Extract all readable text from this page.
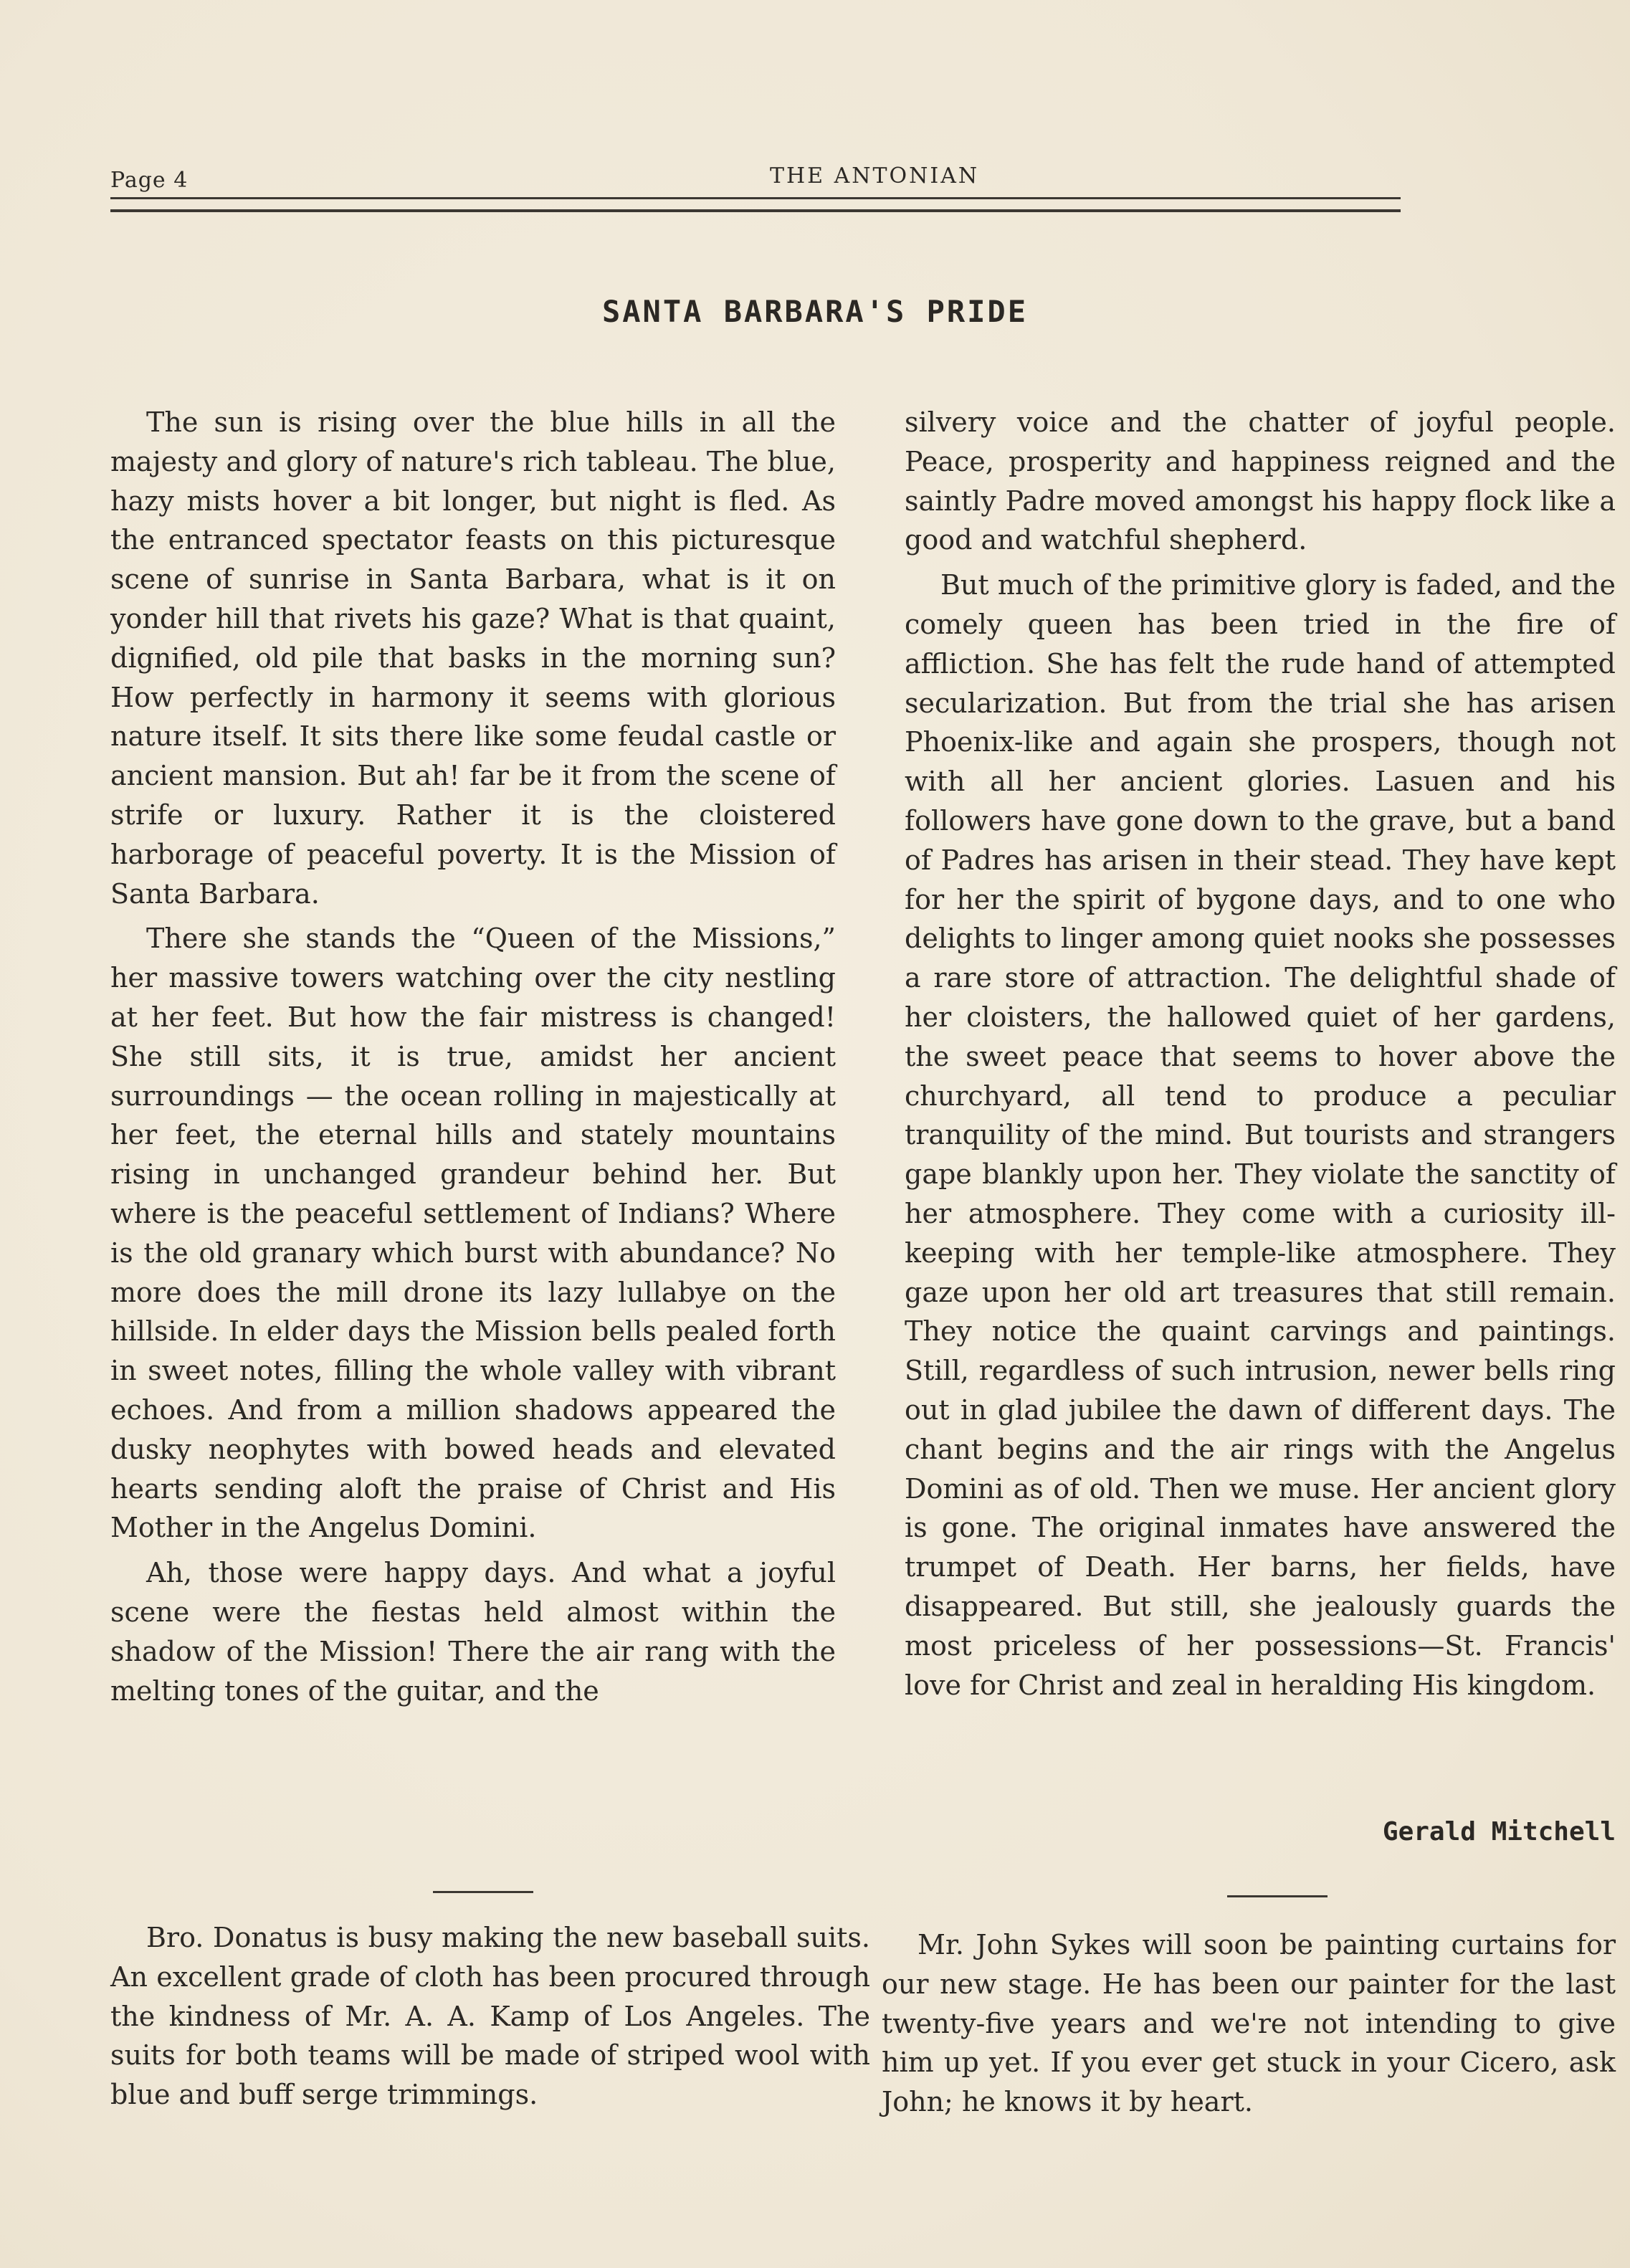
Page 4	THE ANTONIAN
SANTA BARBARA'S PRIDE

The sun is rising over the blue hills in all the majesty and glory of nature's rich tableau. The blue, hazy mists hover a bit longer, but night is fled. As the entranced spectator feasts on this picturesque scene of sunrise in Santa Barbara, what is it on yonder hill that rivets his gaze? What is that quaint, dignified, old pile that basks in the morning sun? How perfectly in harmony it seems with glorious nature itself. It sits there like some feudal castle or ancient mansion. But ah! far be it from the scene of strife or luxury. Rather it is the cloistered harborage of peaceful poverty. It is the Mission of Santa Barbara.

There she stands the “Queen of the Missions,” her massive towers watching over the city nestling at her feet. But how the fair mistress is changed! She still sits, it is true, amidst her ancient surroundings — the ocean rolling in majestically at her feet, the eternal hills and stately mountains rising in unchanged grandeur behind her. But where is the peaceful settlement of Indians? Where is the old granary which burst with abundance? No more does the mill drone its lazy lullabye on the hillside. In elder days the Mission bells pealed forth in sweet notes, filling the whole valley with vibrant echoes. And from a million shadows appeared the dusky neophytes with bowed heads and elevated hearts sending aloft the praise of Christ and His Mother in the Angelus Domini.

Ah, those were happy days. And what a joyful scene were the fiestas held almost within the shadow of the Mission! There the air rang with the melting tones of the guitar, and the

silvery voice and the chatter of joyful people. Peace, prosperity and happiness reigned and the saintly Padre moved amongst his happy flock like a good and watchful shepherd.

But much of the primitive glory is faded, and the comely queen has been tried in the fire of affliction. She has felt the rude hand of attempted secularization. But from the trial she has arisen Phoenix-like and again she prospers, though not with all her ancient glories. Lasuen and his followers have gone down to the grave, but a band of Padres has arisen in their stead. They have kept for her the spirit of bygone days, and to one who delights to linger among quiet nooks she possesses a rare store of attraction. The delightful shade of her cloisters, the hallowed quiet of her gardens, the sweet peace that seems to hover above the churchyard, all tend to produce a peculiar tranquility of the mind. But tourists and strangers gape blankly upon her. They violate the sanctity of her atmosphere. They come with a curiosity ill-keeping with her temple-like atmosphere. They gaze upon her old art treasures that still remain. They notice the quaint carvings and paintings. Still, regardless of such intrusion, newer bells ring out in glad jubilee the dawn of different days. The chant begins and the air rings with the Angelus Domini as of old. Then we muse. Her ancient glory is gone. The original inmates have answered the trumpet of Death. Her barns, her fields, have disappeared. But still, she jealously guards the most priceless of her possessions—St. Francis' love for Christ and zeal in heralding His kingdom.

Gerald Mitchell

Bro. Donatus is busy making the new baseball suits. An excellent grade of cloth has been procured through the kindness of Mr. A. A. Kamp of Los Angeles. The suits for both teams will be made of striped wool with blue and buff serge trimmings.

Mr. John Sykes will soon be painting curtains for our new stage. He has been our painter for the last twenty-five years and we're not intending to give him up yet. If you ever get stuck in your Cicero, ask John; he knows it by heart.
